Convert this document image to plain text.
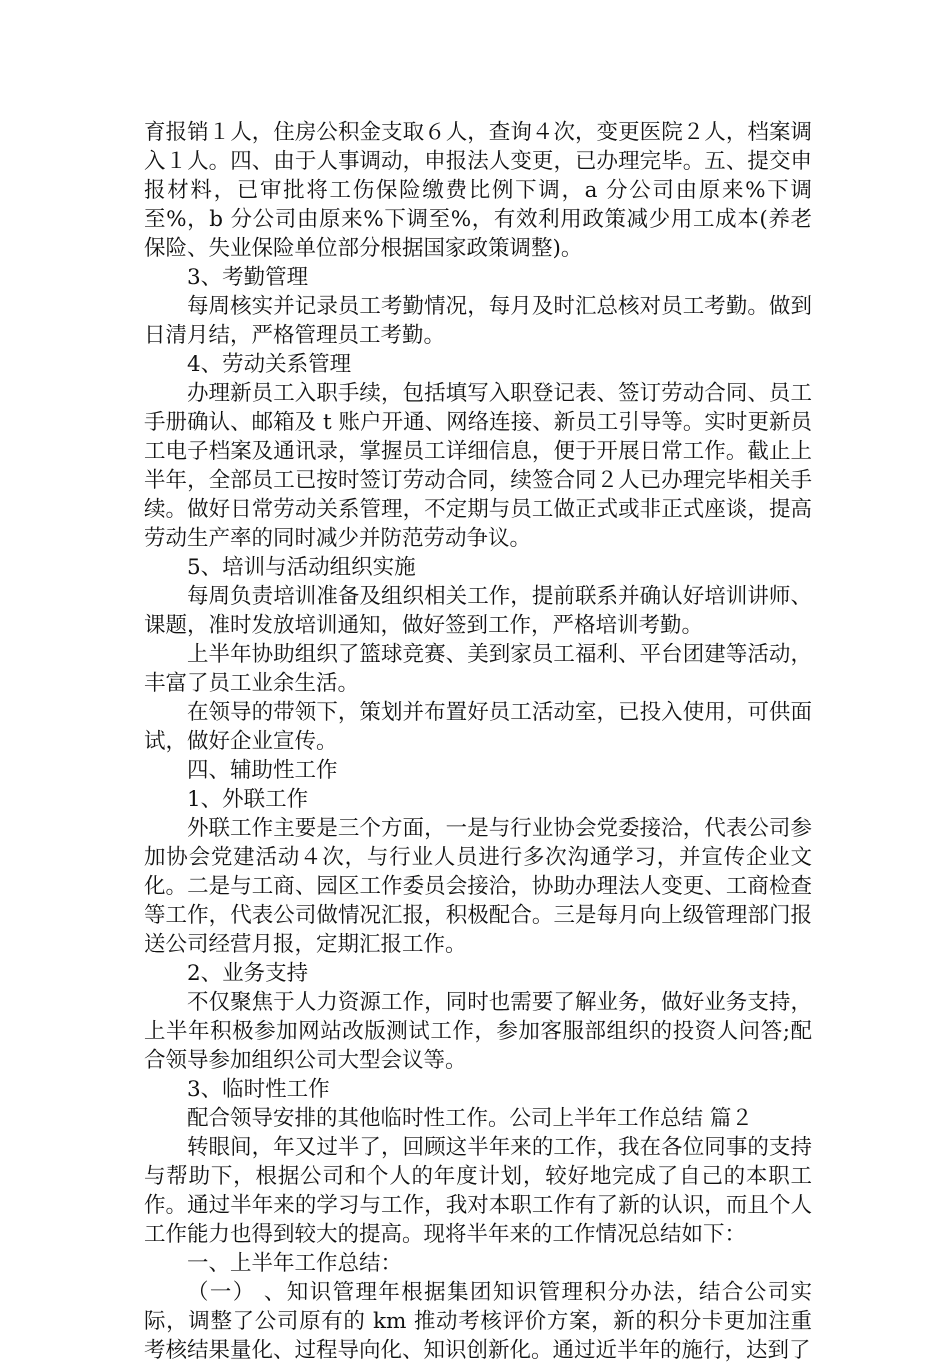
育报销１人，住房公积金支取６人，查询４次，变更医院２人，档案调入１人。四、由于人事调动，申报法人变更，已办理完毕。五、提交申报材料，已审批将工伤保险缴费比例下调，a 分公司由原来%下调至%，b 分公司由原来%下调至%，有效利用政策减少用工成本(养老保险、失业保险单位部分根据国家政策调整)。

3、考勤管理

每周核实并记录员工考勤情况，每月及时汇总核对员工考勤。做到日清月结，严格管理员工考勤。

4、劳动关系管理

办理新员工入职手续，包括填写入职登记表、签订劳动合同、员工手册确认、邮箱及 t 账户开通、网络连接、新员工引导等。实时更新员工电子档案及通讯录，掌握员工详细信息，便于开展日常工作。截止上半年，全部员工已按时签订劳动合同，续签合同２人已办理完毕相关手续。做好日常劳动关系管理，不定期与员工做正式或非正式座谈，提高劳动生产率的同时减少并防范劳动争议。

5、培训与活动组织实施

每周负责培训准备及组织相关工作，提前联系并确认好培训讲师、课题，准时发放培训通知，做好签到工作，严格培训考勤。

上半年协助组织了篮球竞赛、美到家员工福利、平台团建等活动，丰富了员工业余生活。

在领导的带领下，策划并布置好员工活动室，已投入使用，可供面试，做好企业宣传。

四、辅助性工作

1、外联工作

外联工作主要是三个方面，一是与行业协会党委接洽，代表公司参加协会党建活动４次，与行业人员进行多次沟通学习，并宣传企业文化。二是与工商、园区工作委员会接洽，协助办理法人变更、工商检查等工作，代表公司做情况汇报，积极配合。三是每月向上级管理部门报送公司经营月报，定期汇报工作。

2、业务支持

不仅聚焦于人力资源工作，同时也需要了解业务，做好业务支持，上半年积极参加网站改版测试工作，参加客服部组织的投资人问答;配合领导参加组织公司大型会议等。

3、临时性工作

配合领导安排的其他临时性工作。公司上半年工作总结 篇２

转眼间，年又过半了，回顾这半年来的工作，我在各位同事的支持与帮助下，根据公司和个人的年度计划，较好地完成了自己的本职工作。通过半年来的学习与工作，我对本职工作有了新的认识，而且个人工作能力也得到较大的提高。现将半年来的工作情况总结如下：

一、上半年工作总结：

（一） 、知识管理年根据集团知识管理积分办法，结合公司实际，调整了公司原有的 km 推动考核评价方案，新的积分卡更加注重考核结果量化、过程导向化、知识创新化。通过近半年的施行，达到了
